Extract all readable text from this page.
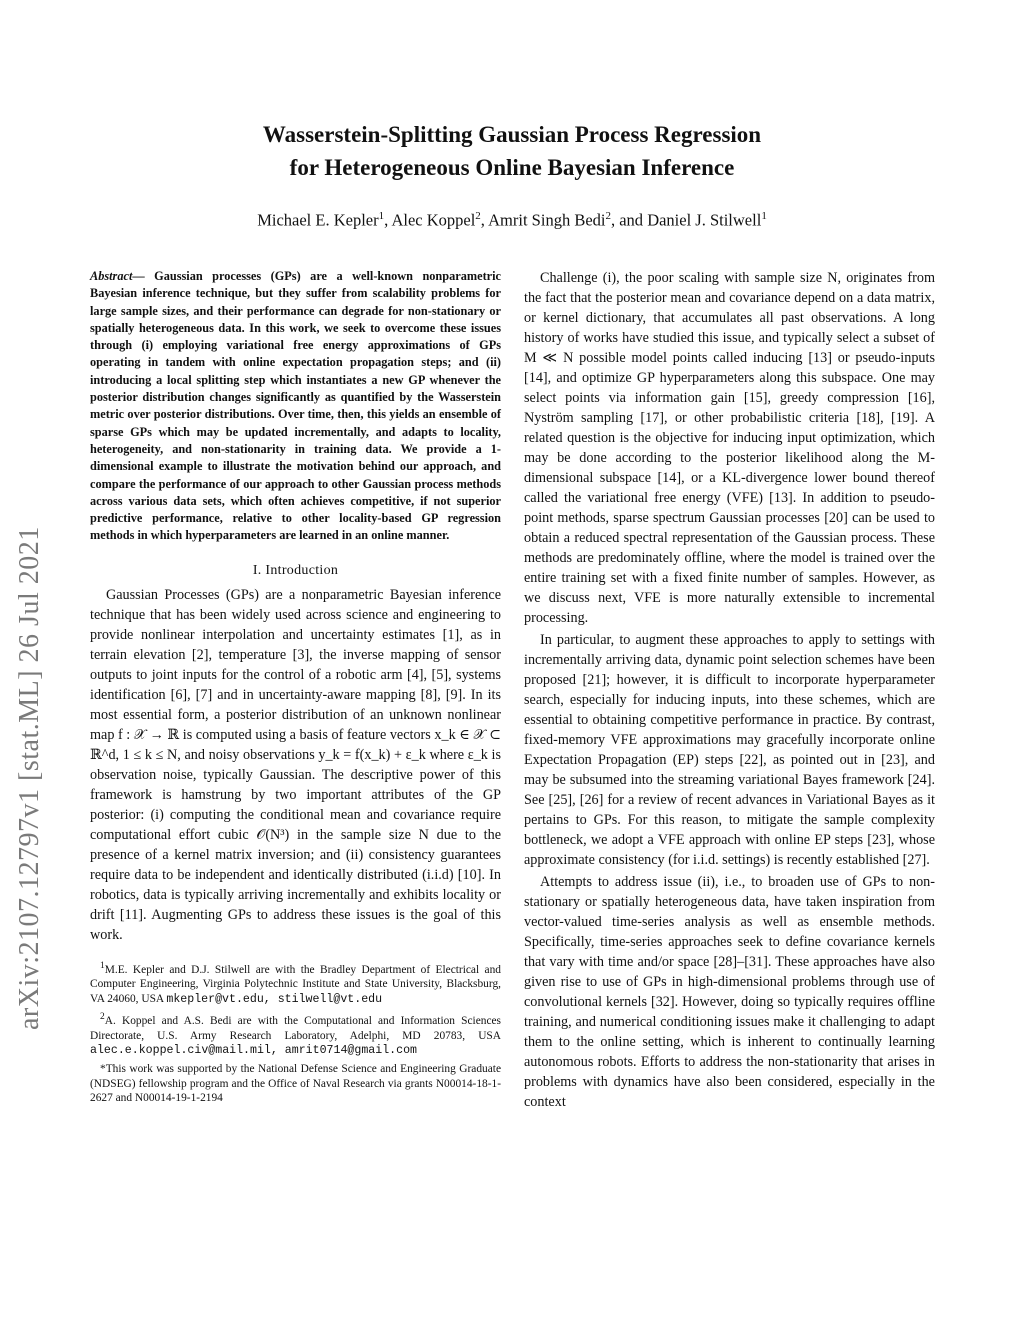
arXiv:2107.12797v1 [stat.ML] 26 Jul 2021
Wasserstein-Splitting Gaussian Process Regression
for Heterogeneous Online Bayesian Inference
Michael E. Kepler$^1$, Alec Koppel$^2$, Amrit Singh Bedi$^2$, and Daniel J. Stilwell$^1$

Abstract— Gaussian processes (GPs) are a well-known nonparametric Bayesian inference technique, but they suffer from scalability problems for large sample sizes, and their performance can degrade for non-stationary or spatially heterogeneous data. In this work, we seek to overcome these issues through (i) employing variational free energy approximations of GPs operating in tandem with online expectation propagation steps; and (ii) introducing a local splitting step which instantiates a new GP whenever the posterior distribution changes significantly as quantified by the Wasserstein metric over posterior distributions. Over time, then, this yields an ensemble of sparse GPs which may be updated incrementally, and adapts to locality, heterogeneity, and non-stationarity in training data. We provide a 1-dimensional example to illustrate the motivation behind our approach, and compare the performance of our approach to other Gaussian process methods across various data sets, which often achieves competitive, if not superior predictive performance, relative to other locality-based GP regression methods in which hyperparameters are learned in an online manner.

I. Introduction

Gaussian Processes (GPs) are a nonparametric Bayesian inference technique that has been widely used across science and engineering to provide nonlinear interpolation and uncertainty estimates [1], as in terrain elevation [2], temperature [3], the inverse mapping of sensor outputs to joint inputs for the control of a robotic arm [4], [5], systems identification [6], [7] and in uncertainty-aware mapping [8], [9]. In its most essential form, a posterior distribution of an unknown nonlinear map f : 𝒳 → ℝ is computed using a basis of feature vectors x_k ∈ 𝒳 ⊂ ℝ^d, 1 ≤ k ≤ N, and noisy observations y_k = f(x_k) + ε_k where ε_k is observation noise, typically Gaussian. The descriptive power of this framework is hamstrung by two important attributes of the GP posterior: (i) computing the conditional mean and covariance require computational effort cubic 𝒪(N³) in the sample size N due to the presence of a kernel matrix inversion; and (ii) consistency guarantees require data to be independent and identically distributed (i.i.d) [10]. In robotics, data is typically arriving incrementally and exhibits locality or drift [11]. Augmenting GPs to address these issues is the goal of this work.

$^1$M.E. Kepler and D.J. Stilwell are with the Bradley Department of Electrical and Computer Engineering, Virginia Polytechnic Institute and State University, Blacksburg, VA 24060, USA mkepler@vt.edu, stilwell@vt.edu

$^2$A. Koppel and A.S. Bedi are with the Computational and Information Sciences Directorate, U.S. Army Research Laboratory, Adelphi, MD 20783, USA alec.e.koppel.civ@mail.mil, amrit0714@gmail.com

*This work was supported by the National Defense Science and Engineering Graduate (NDSEG) fellowship program and the Office of Naval Research via grants N00014-18-1-2627 and N00014-19-1-2194

Challenge (i), the poor scaling with sample size N, originates from the fact that the posterior mean and covariance depend on a data matrix, or kernel dictionary, that accumulates all past observations. A long history of works have studied this issue, and typically select a subset of M ≪ N possible model points called inducing [13] or pseudo-inputs [14], and optimize GP hyperparameters along this subspace. One may select points via information gain [15], greedy compression [16], Nyström sampling [17], or other probabilistic criteria [18], [19]. A related question is the objective for inducing input optimization, which may be done according to the posterior likelihood along the M-dimensional subspace [14], or a KL-divergence lower bound thereof called the variational free energy (VFE) [13]. In addition to pseudo-point methods, sparse spectrum Gaussian processes [20] can be used to obtain a reduced spectral representation of the Gaussian process. These methods are predominately offline, where the model is trained over the entire training set with a fixed finite number of samples. However, as we discuss next, VFE is more naturally extensible to incremental processing.

In particular, to augment these approaches to apply to settings with incrementally arriving data, dynamic point selection schemes have been proposed [21]; however, it is difficult to incorporate hyperparameter search, especially for inducing inputs, into these schemes, which are essential to obtaining competitive performance in practice. By contrast, fixed-memory VFE approximations may gracefully incorporate online Expectation Propagation (EP) steps [22], as pointed out in [23], and may be subsumed into the streaming variational Bayes framework [24]. See [25], [26] for a review of recent advances in Variational Bayes as it pertains to GPs. For this reason, to mitigate the sample complexity bottleneck, we adopt a VFE approach with online EP steps [23], whose approximate consistency (for i.i.d. settings) is recently established [27].

Attempts to address issue (ii), i.e., to broaden use of GPs to non-stationary or spatially heterogeneous data, have taken inspiration from vector-valued time-series analysis as well as ensemble methods. Specifically, time-series approaches seek to define covariance kernels that vary with time and/or space [28]–[31]. These approaches have also given rise to use of GPs in high-dimensional problems through use of convolutional kernels [32]. However, doing so typically requires offline training, and numerical conditioning issues make it challenging to adapt them to the online setting, which is inherent to continually learning autonomous robots. Efforts to address the non-stationarity that arises in problems with dynamics have also been considered, especially in the context
